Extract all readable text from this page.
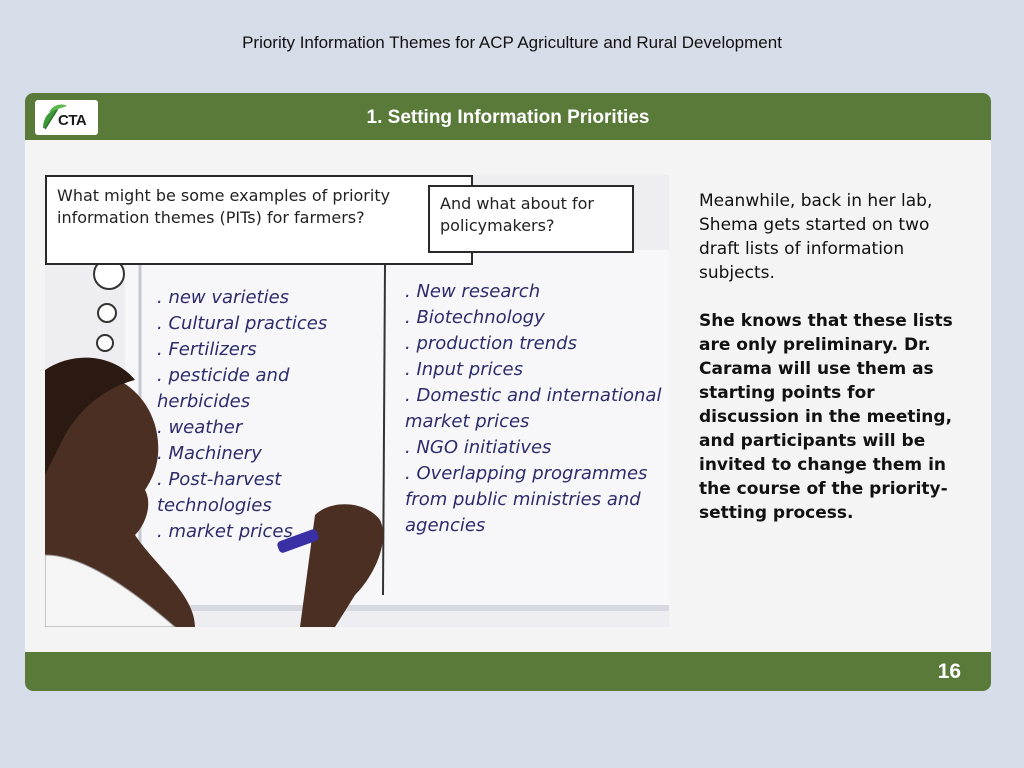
Priority Information Themes for ACP Agriculture and Rural Development
CTA	1. Setting Information Priorities
What might be some examples of priority information themes (PITs) for farmers?
And what about for policymakers?
. new varieties
. Cultural practices
. Fertilizers
. pesticide and herbicides
. weather
. Machinery
. Post-harvest technologies
. market prices
. New research
. Biotechnology
. production trends
. Input prices
. Domestic and international market prices
. NGO initiatives
. Overlapping programmes from public ministries and agencies

Meanwhile, back in her lab, Shema gets started on two draft lists of information subjects.

She knows that these lists are only preliminary. Dr. Carama will use them as starting points for discussion in the meeting, and participants will be invited to change them in the course of the priority-setting process.

16
